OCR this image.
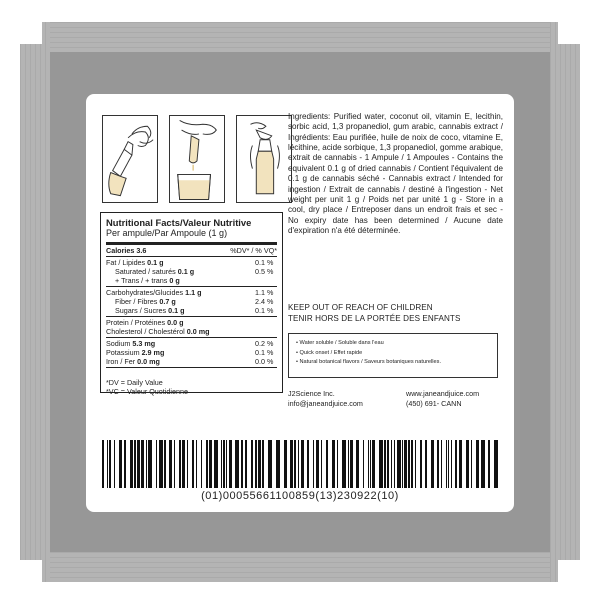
Nutritional Facts/Valeur Nutritive
Per ampule/Par Ampoule (1 g)
Calories 3.6	%DV* / % VQ*
Fat / Lipides 0.1 g	0.1 %
Saturated / saturés 0.1 g	0.5 %
+ Trans / + trans 0 g
Carbohydrates/Glucides 1.1 g	1.1 %
Fiber / Fibres 0.7 g	2.4 %
Sugars / Sucres 0.1 g	0.1 %
Protein / Protéines 0.0 g
Cholesterol / Cholestérol 0.0 mg
Sodium 5.3 mg	0.2 %
Potassium 2.9 mg	0.1 %
Iron / Fer 0.0 mg	0.0 %
*DV = Daily Value
*VC = Valeur Quotidienne
Ingredients: Purified water, coconut oil, vitamin E, lecithin, sorbic acid, 1,3 propanediol, gum arabic, cannabis extract / Ingrédients: Eau purifiée, huile de noix de coco, vitamine E, lécithine, acide sorbique, 1,3 propanediol, gomme arabique, extrait de cannabis - 1 Ampule / 1 Ampoules - Contains the equivalent 0.1 g of dried cannabis / Contient l'équivalent de 0.1 g de cannabis séché - Cannabis extract / Intended for ingestion / Extrait de cannabis / destiné à l'ingestion - Net weight per unit 1 g / Poids net par unité 1 g - Store in a cool, dry place / Entreposer dans un endroit frais et sec - No expiry date has been determined / Aucune date d'expiration n'a été déterminée.
KEEP OUT OF REACH OF CHILDREN
TENIR HORS DE LA PORTÉE DES ENFANTS
• Water soluble / Soluble dans l'eau
• Quick onset / Effet rapide
• Natural botanical flavors / Saveurs botaniques naturelles.
J2Science Inc.
info@janeandjuice.com
www.janeandjuice.com
(450) 691- CANN
(01)00055661100859(13)230922(10)
